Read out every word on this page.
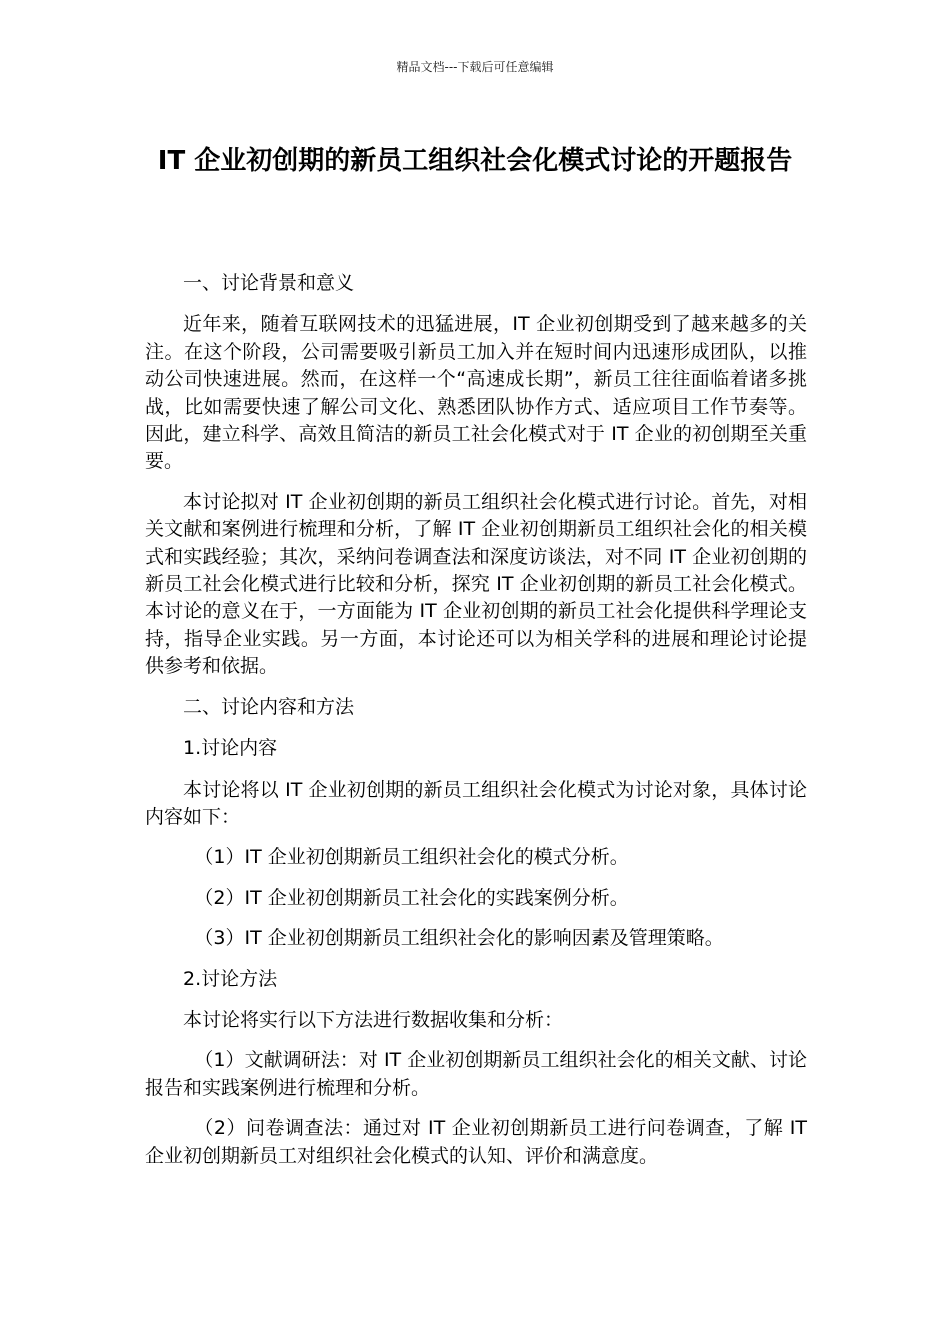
精品文档---下载后可任意编辑
IT 企业初创期的新员工组织社会化模式讨论的开题报告

一、讨论背景和意义

近年来，随着互联网技术的迅猛进展，IT 企业初创期受到了越来越多的关注。在这个阶段，公司需要吸引新员工加入并在短时间内迅速形成团队，以推动公司快速进展。然而，在这样一个“高速成长期”，新员工往往面临着诸多挑战，比如需要快速了解公司文化、熟悉团队协作方式、适应项目工作节奏等。因此，建立科学、高效且简洁的新员工社会化模式对于 IT 企业的初创期至关重要。

本讨论拟对 IT 企业初创期的新员工组织社会化模式进行讨论。首先，对相关文献和案例进行梳理和分析，了解 IT 企业初创期新员工组织社会化的相关模式和实践经验；其次，采纳问卷调查法和深度访谈法，对不同 IT 企业初创期的新员工社会化模式进行比较和分析，探究 IT 企业初创期的新员工社会化模式。本讨论的意义在于，一方面能为 IT 企业初创期的新员工社会化提供科学理论支持，指导企业实践。另一方面，本讨论还可以为相关学科的进展和理论讨论提供参考和依据。

二、讨论内容和方法

1.讨论内容

本讨论将以 IT 企业初创期的新员工组织社会化模式为讨论对象，具体讨论内容如下：

（1）IT 企业初创期新员工组织社会化的模式分析。

（2）IT 企业初创期新员工社会化的实践案例分析。

（3）IT 企业初创期新员工组织社会化的影响因素及管理策略。

2.讨论方法

本讨论将实行以下方法进行数据收集和分析：

（1）文献调研法：对 IT 企业初创期新员工组织社会化的相关文献、讨论报告和实践案例进行梳理和分析。

（2）问卷调查法：通过对 IT 企业初创期新员工进行问卷调查，了解 IT 企业初创期新员工对组织社会化模式的认知、评价和满意度。
